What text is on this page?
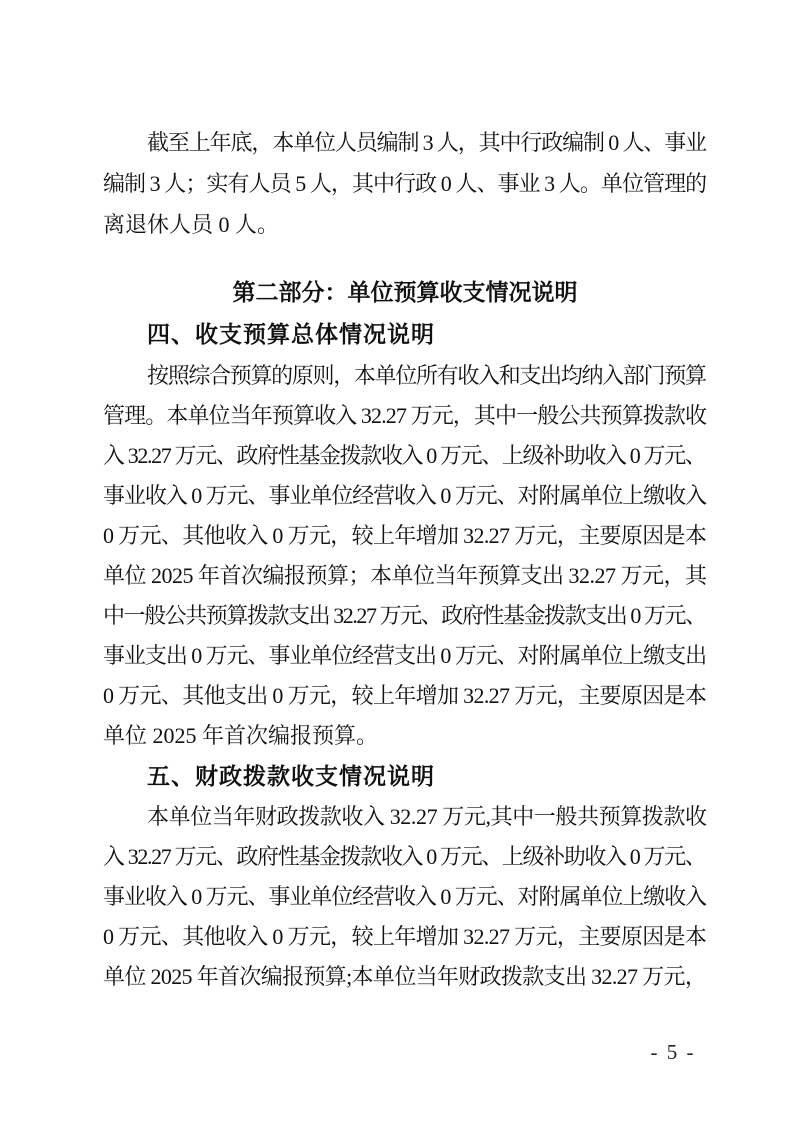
截至上年底，本单位人员编制 3 人，其中行政编制 0 人、事业
编制 3 人；实有人员 5 人，其中行政 0 人、事业 3 人。单位管理的
离退休人员 0 人。
第二部分：单位预算收支情况说明
四、收支预算总体情况说明
按照综合预算的原则，本单位所有收入和支出均纳入部门预算
管理。本单位当年预算收入 32.27 万元，其中一般公共预算拨款收
入 32.27 万元、政府性基金拨款收入 0 万元、上级补助收入 0 万元、
事业收入 0 万元、事业单位经营收入 0 万元、对附属单位上缴收入
0 万元、其他收入 0 万元，较上年增加 32.27 万元，主要原因是本
单位 2025 年首次编报预算；本单位当年预算支出 32.27 万元，其
中一般公共预算拨款支出 32.27 万元、政府性基金拨款支出 0 万元、
事业支出 0 万元、事业单位经营支出 0 万元、对附属单位上缴支出
0 万元、其他支出 0 万元，较上年增加 32.27 万元，主要原因是本
单位 2025 年首次编报预算。
五、财政拨款收支情况说明
本单位当年财政拨款收入 32.27 万元,其中一般共预算拨款收
入 32.27 万元、政府性基金拨款收入 0 万元、上级补助收入 0 万元、
事业收入 0 万元、事业单位经营收入 0 万元、对附属单位上缴收入
0 万元、其他收入 0 万元，较上年增加 32.27 万元，主要原因是本
单位 2025 年首次编报预算;本单位当年财政拨款支出 32.27 万元，
- 5 -
